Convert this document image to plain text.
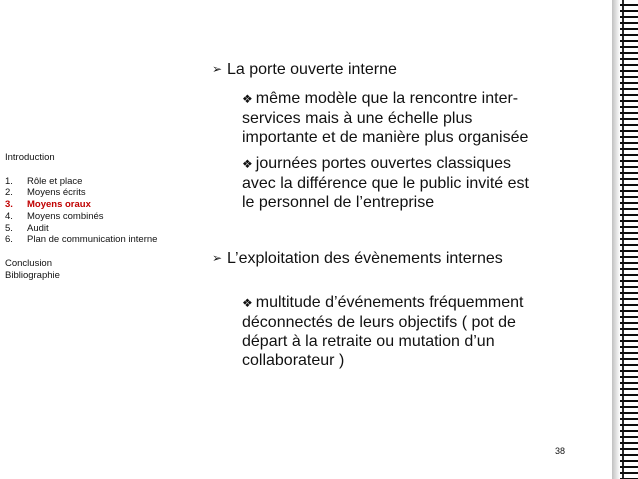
Introduction
1.	Rôle et place
2.	Moyens écrits
3.	Moyens oraux
4.	Moyens combinés
5.	Audit
6.	Plan de communication interne
Conclusion
Bibliographie
➢ La porte ouverte interne
❖ même modèle que la rencontre inter-services mais à une échelle plus importante et de manière plus organisée
❖ journées portes ouvertes classiques avec la différence que le public invité est le personnel de l’entreprise
➢ L’exploitation des évènements internes
❖ multitude d’événements fréquemment déconnectés de leurs objectifs ( pot de départ à la retraite ou mutation d’un collaborateur )
38
